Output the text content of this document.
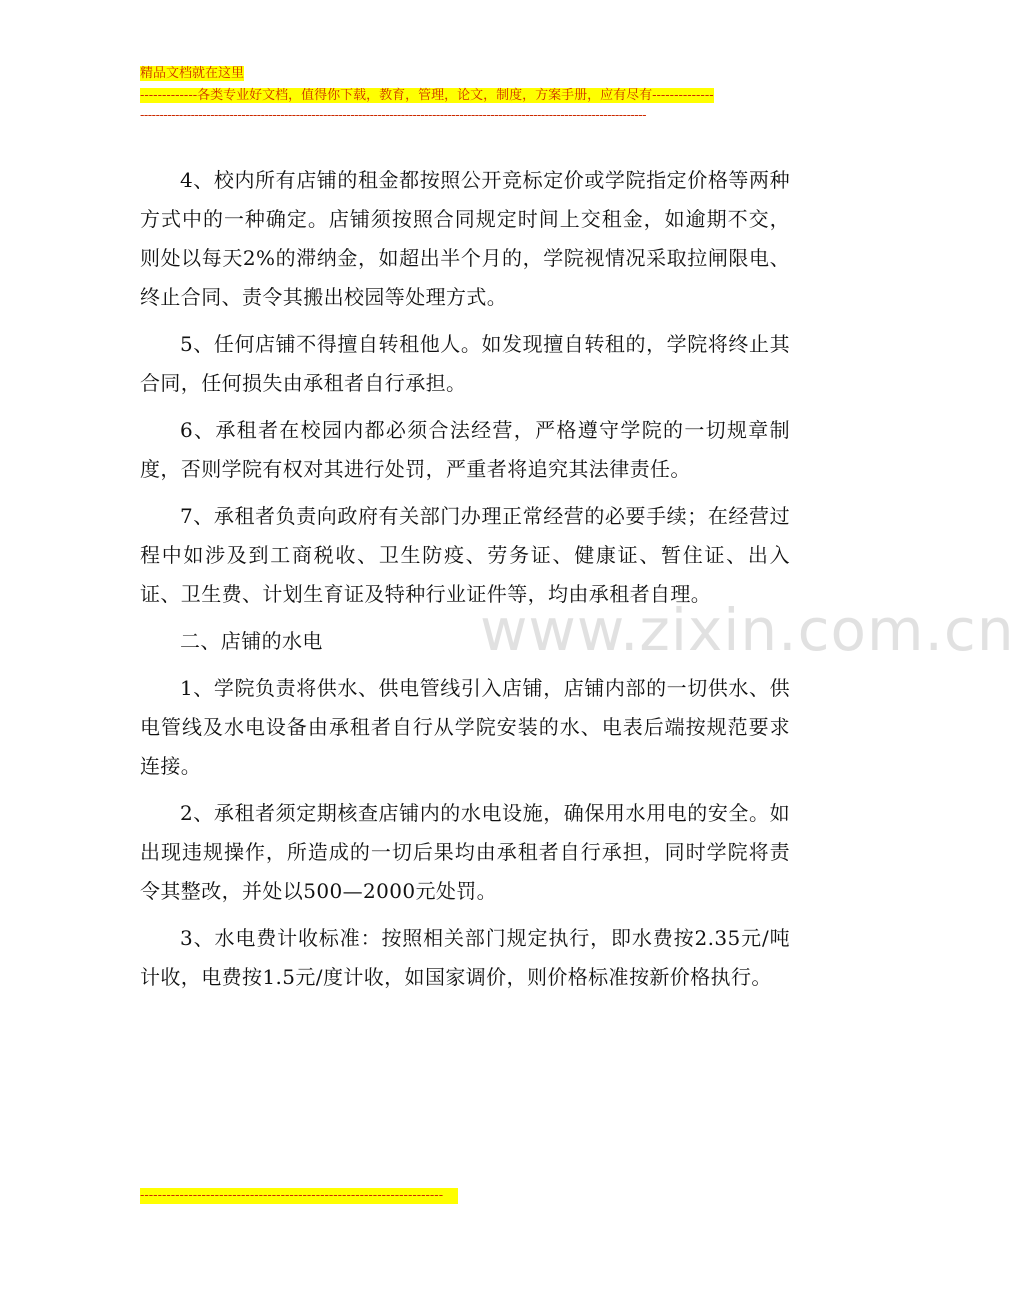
精品文档就在这里
-------------各类专业好文档，值得你下载，教育，管理，论文，制度，方案手册，应有尽有--------------
----------------------------------------------------------------------------------------------------------------------------------

4、校内所有店铺的租金都按照公开竞标定价或学院指定价格等两种方式中的一种确定。店铺须按照合同规定时间上交租金，如逾期不交，则处以每天2%的滞纳金，如超出半个月的，学院视情况采取拉闸限电、终止合同、责令其搬出校园等处理方式。

5、任何店铺不得擅自转租他人。如发现擅自转租的，学院将终止其合同，任何损失由承租者自行承担。

6、承租者在校园内都必须合法经营，严格遵守学院的一切规章制度，否则学院有权对其进行处罚，严重者将追究其法律责任。

7、承租者负责向政府有关部门办理正常经营的必要手续；在经营过程中如涉及到工商税收、卫生防疫、劳务证、健康证、暂住证、出入证、卫生费、计划生育证及特种行业证件等，均由承租者自理。

二、店铺的水电

1、学院负责将供水、供电管线引入店铺，店铺内部的一切供水、供电管线及水电设备由承租者自行从学院安装的水、电表后端按规范要求连接。

2、承租者须定期核查店铺内的水电设施，确保用水用电的安全。如出现违规操作，所造成的一切后果均由承租者自行承担，同时学院将责令其整改，并处以500—2000元处罚。

3、水电费计收标准：按照相关部门规定执行，即水费按2.35元/吨计收，电费按1.5元/度计收，如国家调价，则价格标准按新价格执行。

www.zixin.com.cn
---------------------------------------------------------------------
